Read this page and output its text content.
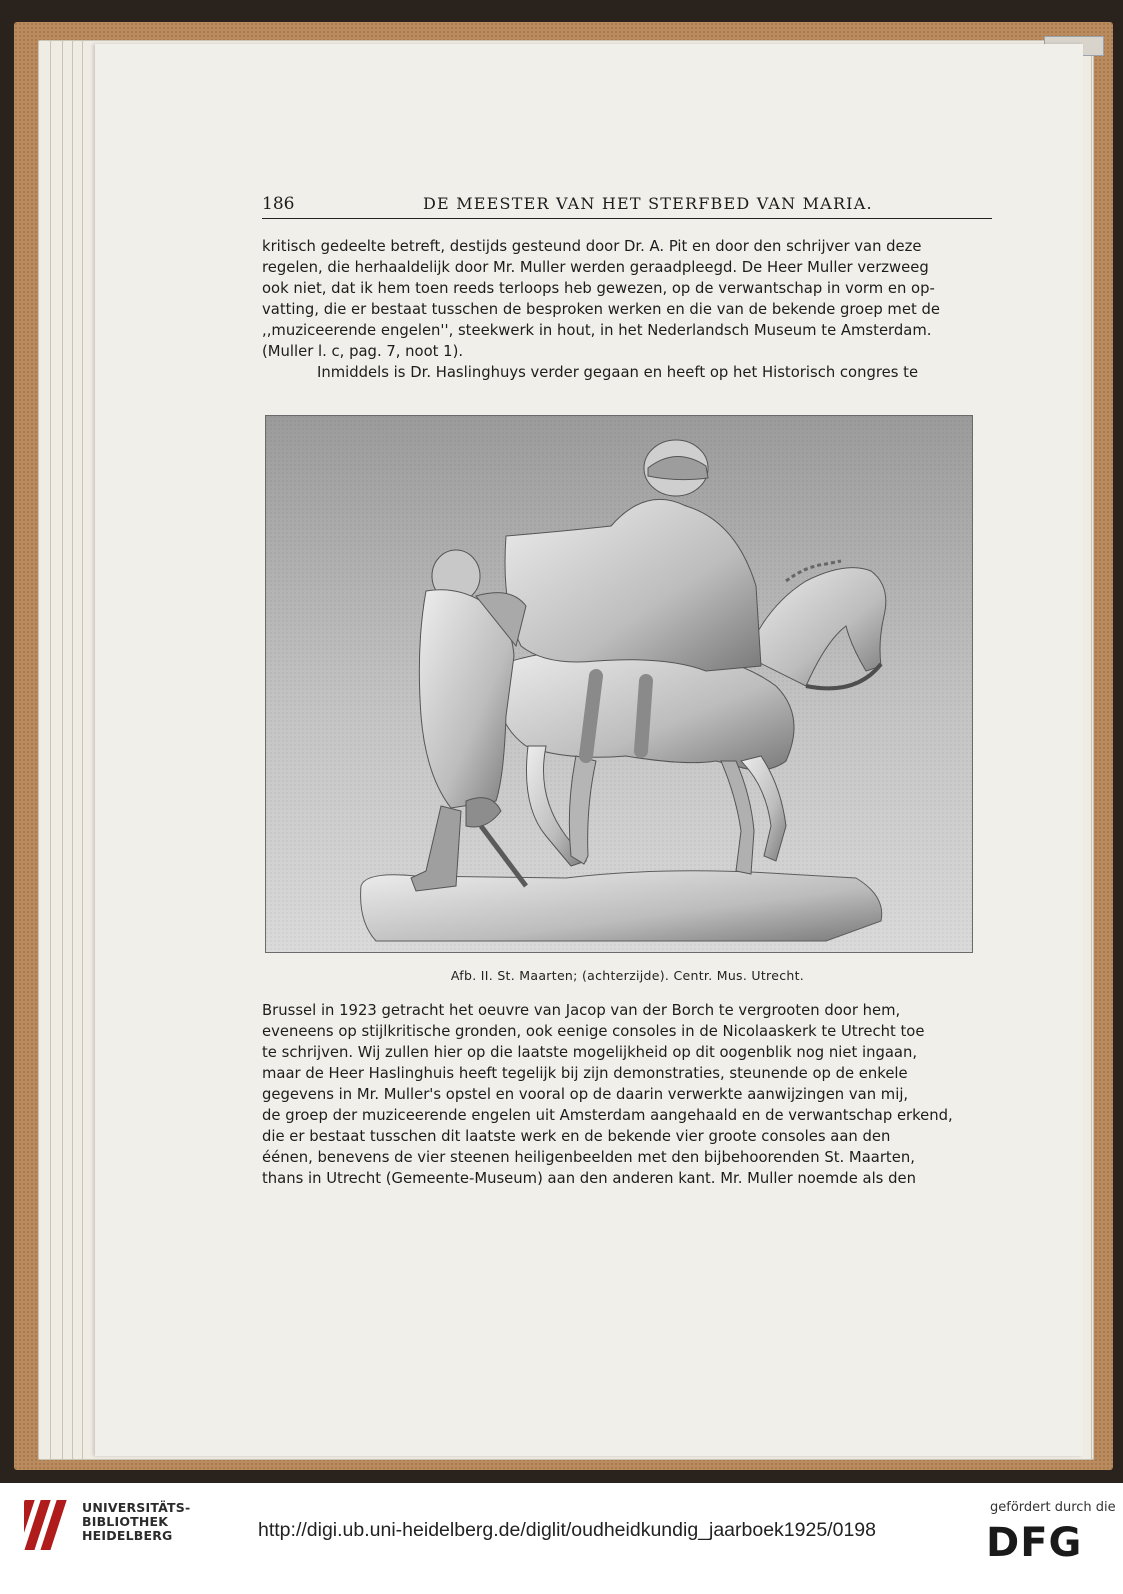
186	DE MEESTER VAN HET STERFBED VAN MARIA.

kritisch gedeelte betreft, destijds gesteund door Dr. A. Pit en door den schrijver van deze

regelen, die herhaaldelijk door Mr. Muller werden geraadpleegd. De Heer Muller verzweeg

ook niet, dat ik hem toen reeds terloops heb gewezen, op de verwantschap in vorm en op-

vatting, die er bestaat tusschen de besproken werken en die van de bekende groep met de

,,muziceerende engelen'', steekwerk in hout, in het Nederlandsch Museum te Amsterdam.

(Muller l. c, pag. 7, noot 1).

Inmiddels is Dr. Haslinghuys verder gegaan en heeft op het Historisch congres te

Afb. II. St. Maarten; (achterzijde). Centr. Mus. Utrecht.

Brussel in 1923 getracht het oeuvre van Jacop van der Borch te vergrooten door hem,

eveneens op stijlkritische gronden, ook eenige consoles in de Nicolaaskerk te Utrecht toe

te schrijven. Wij zullen hier op die laatste mogelijkheid op dit oogenblik nog niet ingaan,

maar de Heer Haslinghuis heeft tegelijk bij zijn demonstraties, steunende op de enkele

gegevens in Mr. Muller's opstel en vooral op de daarin verwerkte aanwijzingen van mij,

de groep der muziceerende engelen uit Amsterdam aangehaald en de verwantschap erkend,

die er bestaat tusschen dit laatste werk en de bekende vier groote consoles aan den

éénen, benevens de vier steenen heiligenbeelden met den bijbehoorenden St. Maarten,

thans in Utrecht (Gemeente-Museum) aan den anderen kant. Mr. Muller noemde als den

UNIVERSITÄTS-
BIBLIOTHEK
HEIDELBERG	http://digi.ub.uni-heidelberg.de/diglit/oudheidkundig_jaarboek1925/0198
gefördert durch die
DFG
